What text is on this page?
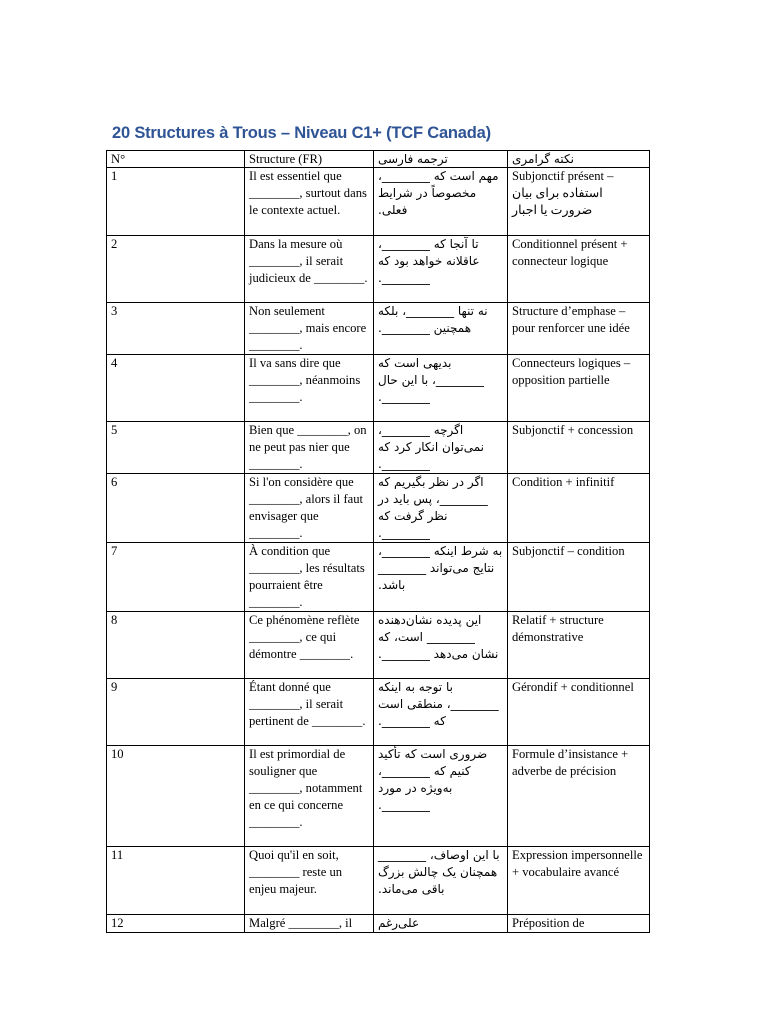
20 Structures à Trous – Niveau C1+ (TCF Canada)
N°	Structure (FR)	ترجمه فارسی	نکته گرامری
1	Il est essentiel que ________, surtout dans le contexte actuel.	مهم است که ________، مخصوصاً در شرایط فعلی.	Subjonctif présent – استفاده برای بیان ضرورت یا اجبار
2	Dans la mesure où ________, il serait judicieux de ________.	تا آنجا که ________، عاقلانه خواهد بود که ________.	Conditionnel présent + connecteur logique
3	Non seulement ________, mais encore ________.	نه تنها ________، بلکه همچنین ________.	Structure d’emphase – pour renforcer une idée
4	Il va sans dire que ________, néanmoins ________.	بدیهی است که ________، با این حال ________.	Connecteurs logiques – opposition partielle
5	Bien que ________, on ne peut pas nier que ________.	اگرچه ________، نمی‌توان انکار کرد که ________.	Subjonctif + concession
6	Si l'on considère que ________, alors il faut envisager que ________.	اگر در نظر بگیریم که ________، پس باید در نظر گرفت که ________.	Condition + infinitif
7	À condition que ________, les résultats pourraient être ________.	به شرط اینکه ________، نتایج می‌تواند ________ باشد.	Subjonctif – condition
8	Ce phénomène reflète ________, ce qui démontre ________.	این پدیده نشان‌دهنده ________ است، که نشان می‌دهد ________.	Relatif + structure démonstrative
9	Étant donné que ________, il serait pertinent de ________.	با توجه به اینکه ________، منطقی است که ________.	Gérondif + conditionnel
10	Il est primordial de souligner que ________, notamment en ce qui concerne ________.	ضروری است که تأکید کنیم که ________، به‌ویژه در مورد ________.	Formule d’insistance + adverbe de précision
11	Quoi qu'il en soit, ________ reste un enjeu majeur.	با این اوصاف، ________ همچنان یک چالش بزرگ باقی می‌ماند.	Expression impersonnelle + vocabulaire avancé
12	Malgré ________, il	علی‌رغم	Préposition de
